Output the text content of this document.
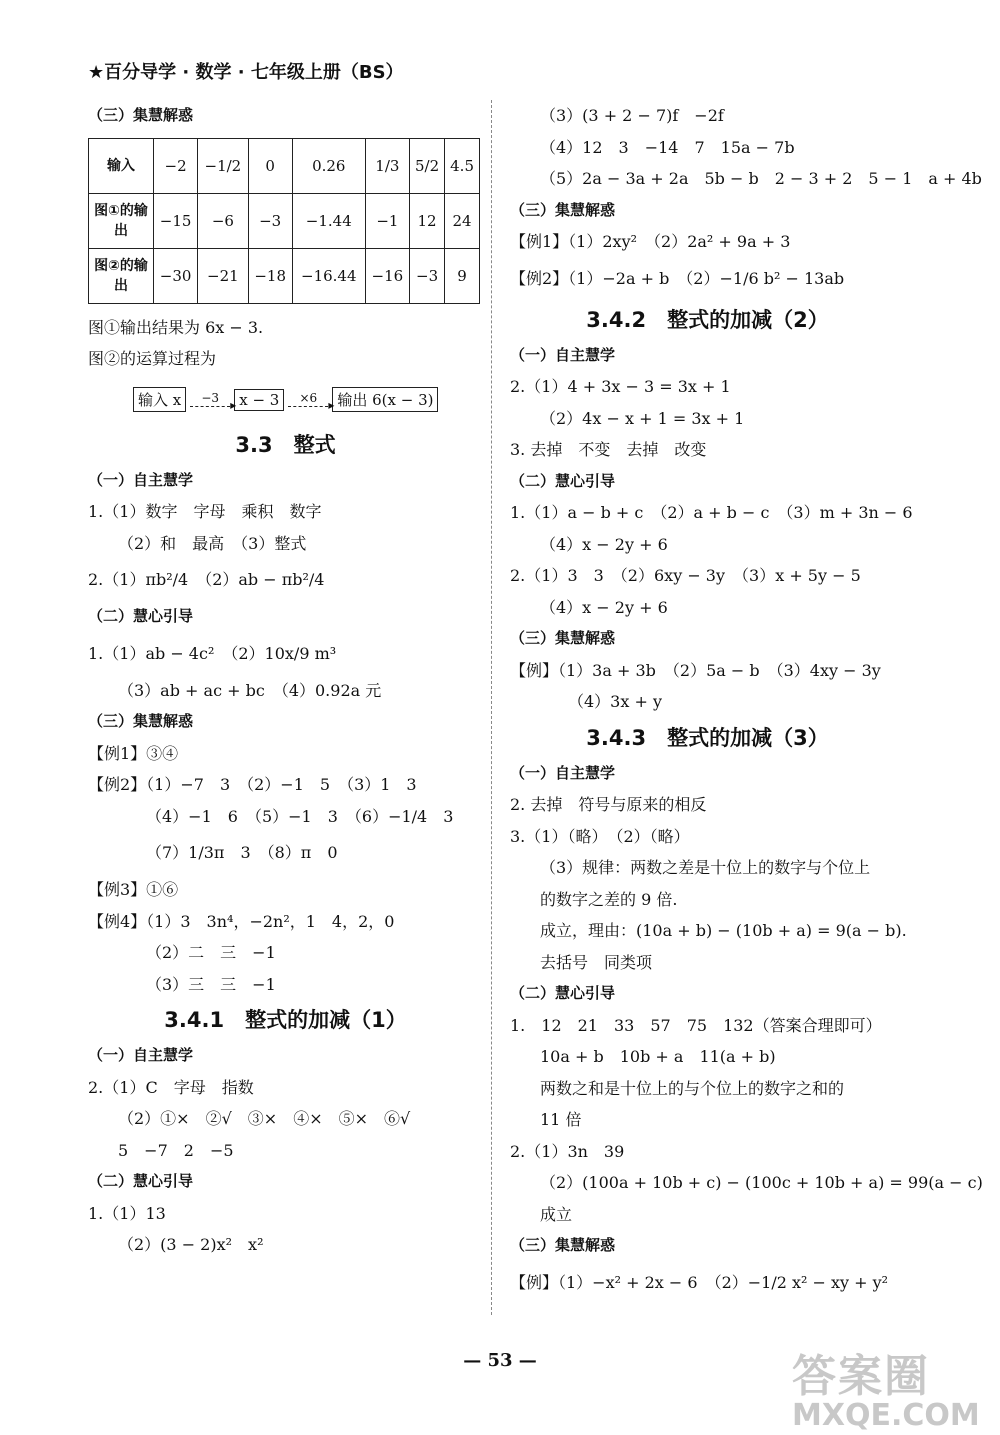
★百分导学 · 数学 · 七年级上册（BS）
（三）集慧解惑
输入	−2	−1/2	0	0.26	1/3	5/2	4.5
图①的输出	−15	−6	−3	−1.44	−1	12	24
图②的输出	−30	−21	−18	−16.44	−16	−3	9
图①输出结果为 6x − 3.
图②的运算过程为
输入 x	−3 ▸	x − 3	×6 ▸	输出 6(x − 3)
3.3　整式
（一）自主慧学
1.（1）数字　字母　乘积　数字
（2）和　最高　（3）整式
2.（1）πb²/4　（2）ab − πb²/4
（二）慧心引导
1.（1）ab − 4c²　（2）10x/9 m³
（3）ab + ac + bc　（4）0.92a 元
（三）集慧解惑
【例1】③④
【例2】（1）−7　3　（2）−1　5　（3）1　3
（4）−1　6　（5）−1　3　（6）−1/4　3
（7）1/3π　3　（8）π　0
【例3】①⑥
【例4】（1）3　3n⁴，−2n²，1　4，2，0
（2）二　三　−1
（3）三　三　−1
3.4.1　整式的加减（1）
（一）自主慧学
2.（1）C　字母　指数
（2）①×　②√　③×　④×　⑤×　⑥√
5　−7　2　−5
（二）慧心引导
1.（1）13
（2）(3 − 2)x²　x²
（3）(3 + 2 − 7)f　−2f
（4）12　3　−14　7　15a − 7b
（5）2a − 3a + 2a　5b − b　2 − 3 + 2　5 − 1　a + 4b
（三）集慧解惑
【例1】（1）2xy²　（2）2a² + 9a + 3
【例2】（1）−2a + b　（2）−1/6 b² − 13ab
3.4.2　整式的加减（2）
（一）自主慧学
2.（1）4 + 3x − 3 = 3x + 1
（2）4x − x + 1 = 3x + 1
3. 去掉　不变　去掉　改变
（二）慧心引导
1.（1）a − b + c　（2）a + b − c　（3）m + 3n − 6
（4）x − 2y + 6
2.（1）3　3　（2）6xy − 3y　（3）x + 5y − 5
（4）x − 2y + 6
（三）集慧解惑
【例】（1）3a + 3b　（2）5a − b　（3）4xy − 3y
（4）3x + y
3.4.3　整式的加减（3）
（一）自主慧学
2. 去掉　符号与原来的相反
3.（1）（略）　（2）（略）
（3）规律：两数之差是十位上的数字与个位上
的数字之差的 9 倍.
成立，理由：(10a + b) − (10b + a) = 9(a − b).
去括号　同类项
（二）慧心引导
1.　12　21　33　57　75　132（答案合理即可）
10a + b　10b + a　11(a + b)
两数之和是十位上的与个位上的数字之和的
11 倍
2.（1）3n　39
（2）(100a + 10b + c) − (100c + 10b + a) = 99(a − c)
成立
（三）集慧解惑
【例】（1）−x² + 2x − 6　（2）−1/2 x² − xy + y²
— 53 —	答案圈
MXQE.COM
